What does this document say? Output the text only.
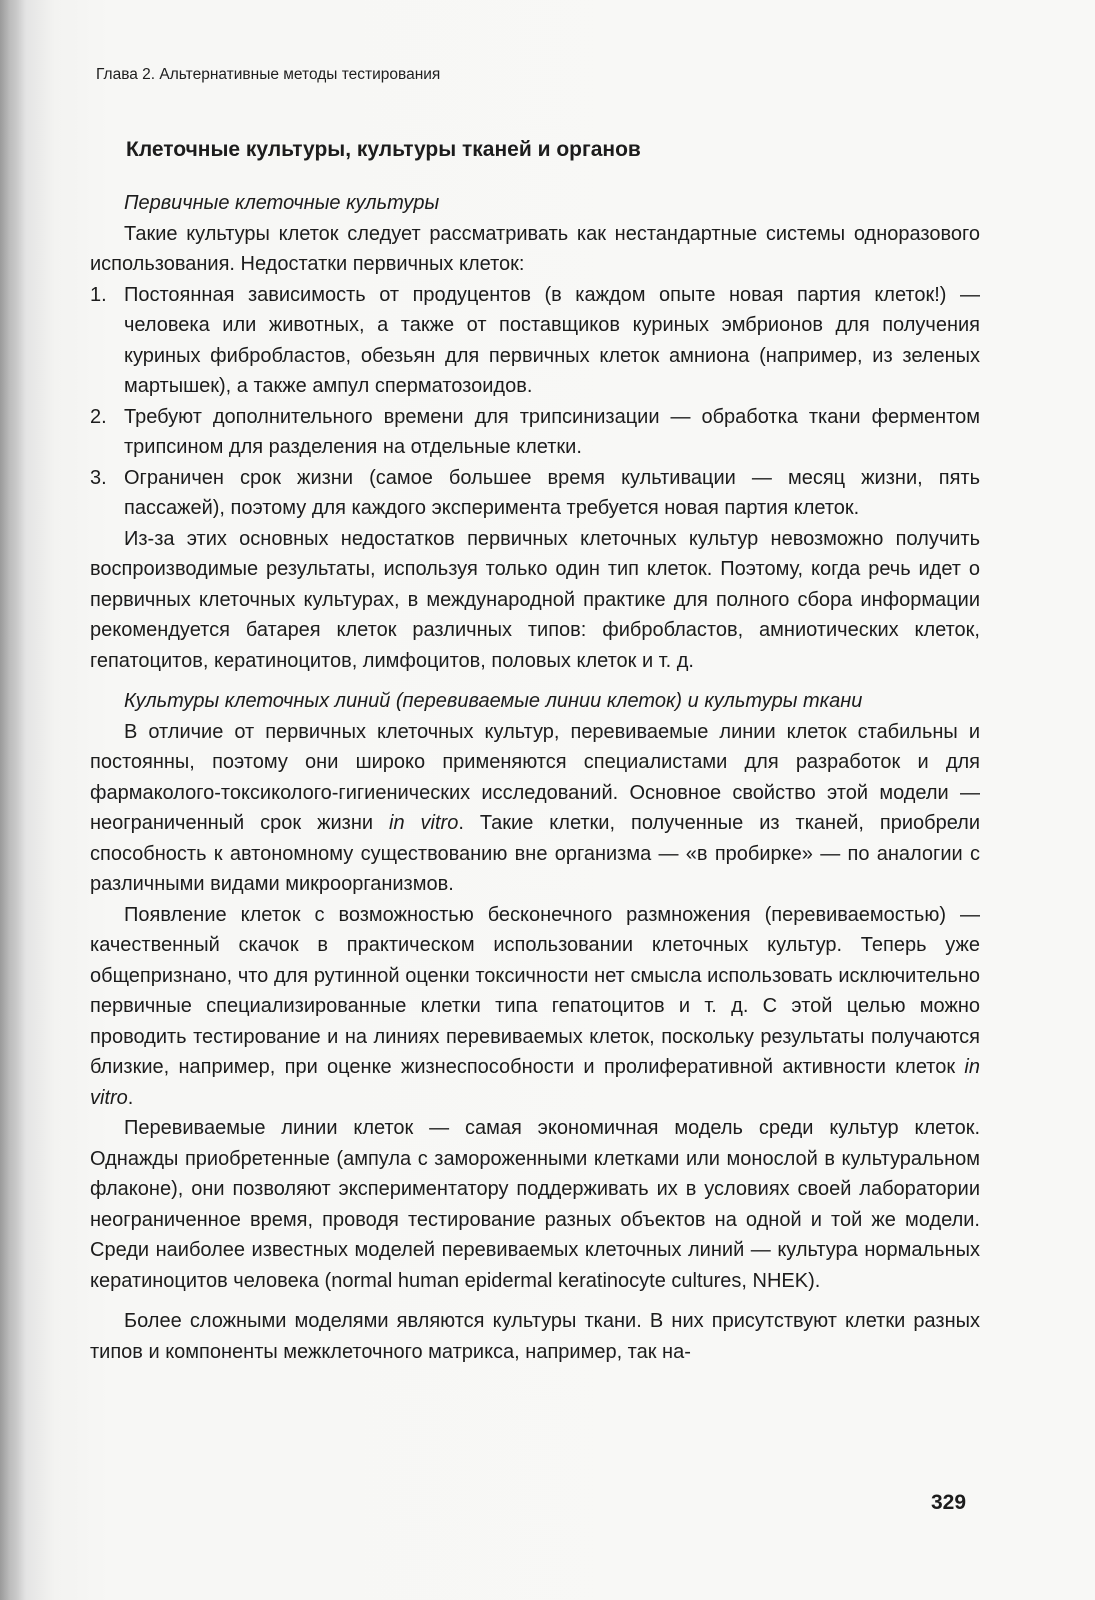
Глава 2. Альтернативные методы тестирования
Клеточные культуры, культуры тканей и органов
Первичные клеточные культуры

Такие культуры клеток следует рассматривать как нестандартные системы одноразового использования. Недостатки первичных клеток:

1. Постоянная зависимость от продуцентов (в каждом опыте новая партия клеток!) — человека или животных, а также от поставщиков куриных эмбрионов для получения куриных фибробластов, обезьян для первичных клеток амниона (например, из зеленых мартышек), а также ампул сперматозоидов.
2. Требуют дополнительного времени для трипсинизации — обработка ткани ферментом трипсином для разделения на отдельные клетки.
3. Ограничен срок жизни (самое большее время культивации — месяц жизни, пять пассажей), поэтому для каждого эксперимента требуется новая партия клеток.

Из-за этих основных недостатков первичных клеточных культур невозможно получить воспроизводимые результаты, используя только один тип клеток. Поэтому, когда речь идет о первичных клеточных культурах, в международной практике для полного сбора информации рекомендуется батарея клеток различных типов: фибробластов, амниотических клеток, гепатоцитов, кератиноцитов, лимфоцитов, половых клеток и т. д.

Культуры клеточных линий (перевиваемые линии клеток) и культуры ткани

В отличие от первичных клеточных культур, перевиваемые линии клеток стабильны и постоянны, поэтому они широко применяются специалистами для разработок и для фармаколого-токсиколого-гигиенических исследований. Основное свойство этой модели — неограниченный срок жизни in vitro. Такие клетки, полученные из тканей, приобрели способность к автономному существованию вне организма — «в пробирке» — по аналогии с различными видами микроорганизмов.

Появление клеток с возможностью бесконечного размножения (перевиваемостью) — качественный скачок в практическом использовании клеточных культур. Теперь уже общепризнано, что для рутинной оценки токсичности нет смысла использовать исключительно первичные специализированные клетки типа гепатоцитов и т. д. С этой целью можно проводить тестирование и на линиях перевиваемых клеток, поскольку результаты получаются близкие, например, при оценке жизнеспособности и пролиферативной активности клеток in vitro.

Перевиваемые линии клеток — самая экономичная модель среди культур клеток. Однажды приобретенные (ампула с замороженными клетками или монослой в культуральном флаконе), они позволяют экспериментатору поддерживать их в условиях своей лаборатории неограниченное время, проводя тестирование разных объектов на одной и той же модели. Среди наиболее известных моделей перевиваемых клеточных линий — культура нормальных кератиноцитов человека (normal human epidermal keratinocyte cultures, NHEK).

Более сложными моделями являются культуры ткани. В них присутствуют клетки разных типов и компоненты межклеточного матрикса, например, так на-

329
